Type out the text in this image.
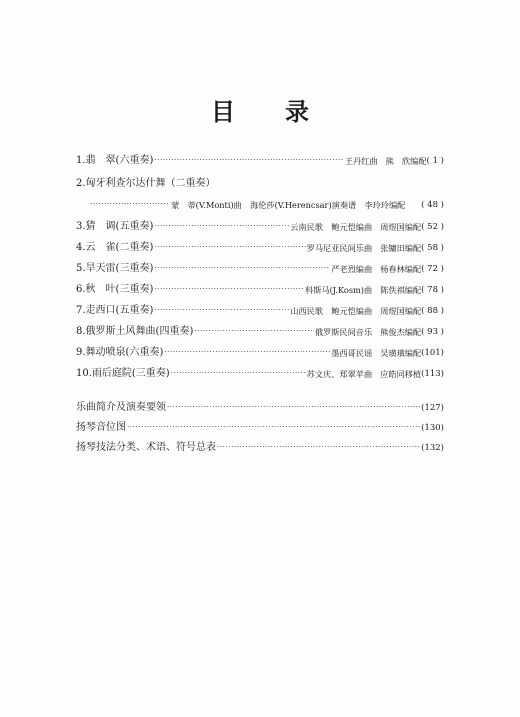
目 录
1.翡　翠(六重奏) ·····	王丹红曲 熊　欣编配 ( 1 )
2.匈牙利查尔达什舞（二重奏）
·····
蒙　蒂(V.Monti)曲　海伦莎(V.Herencsar)演奏谱　李玲玲编配	( 48 )
3.猜　调(五重奏) ·····	云南民歌　鲍元恺编曲 周煜国编配 ( 52 )
4.云　雀(二重奏) ·····	罗马尼亚民间乐曲 张镛田编配 ( 58 )
5.旱天雷(三重奏) ·····	严老烈编曲 杨春林编配 ( 72 )
6.秋　叶(三重奏) ·····	科斯马(J.Kosm)曲 陈佚祺编配 ( 78 )
7.走西口(五重奏) ·····	山西民歌　鲍元恺编曲 周煜国编配 ( 88 )
8.俄罗斯土风舞曲(四重奏) ·····	俄罗斯民间音乐 熊俊杰编配 ( 93 )
9.舞动喷泉(六重奏) ·····	墨西哥民谣 吴璜璜编配 (101)
10.雨后庭院(三重奏) ·····	苏文庆、郑翠苹曲 应皓同移植 (113)
乐曲简介及演奏要领 ·····	(127)
扬琴音位图 ·····	(130)
扬琴技法分类、术语、符号总表 ·····	(132)
